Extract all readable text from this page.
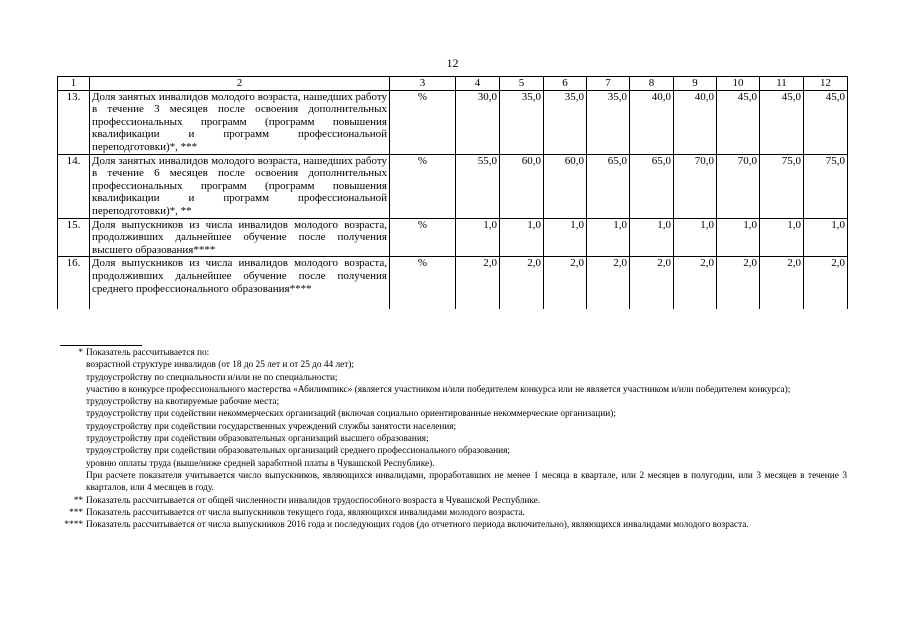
12
1	2	3	4	5	6	7	8	9	10	11	12
13.	Доля занятых инвалидов молодого возраста, нашедших работу в течение 3 месяцев после освоения дополнительных профессиональных программ (программ повышения квалификации и программ профессиональной переподготовки)*, ***	%	30,0	35,0	35,0	35,0	40,0	40,0	45,0	45,0	45,0
14.	Доля занятых инвалидов молодого возраста, нашедших работу в течение 6 месяцев после освоения дополнительных профессиональных программ (программ повышения квалификации и программ профессиональной переподготовки)*, **	%	55,0	60,0	60,0	65,0	65,0	70,0	70,0	75,0	75,0
15.	Доля выпускников из числа инвалидов молодого возраста, продолживших дальнейшее обучение после получения высшего образования****	%	1,0	1,0	1,0	1,0	1,0	1,0	1,0	1,0	1,0
16.	Доля выпускников из числа инвалидов молодого возраста, продолживших дальнейшее обучение после получения среднего профессионального образования****	%	2,0	2,0	2,0	2,0	2,0	2,0	2,0	2,0	2,0
* Показатель рассчитывается по:
возрастной структуре инвалидов (от 18 до 25 лет и от 25 до 44 лет);
трудоустройству по специальности и/или не по специальности;
участию в конкурсе профессионального мастерства «Абилимпикс» (является участником и/или победителем конкурса или не является участником и/или победителем конкурса);
трудоустройству на квотируемые рабочие места;
трудоустройству при содействии некоммерческих организаций (включая социально ориентированные некоммерческие организации);
трудоустройству при содействии государственных учреждений службы занятости населения;
трудоустройству при содействии образовательных организаций высшего образования;
трудоустройству при содействии образовательных организаций среднего профессионального образования;
уровню оплаты труда (выше/ниже средней заработной платы в Чувашской Республике).
При расчете показателя учитывается число выпускников, являющихся инвалидами, проработавших не менее 1 месяца в квартале, или 2 месяцев в полугодии, или 3 месяцев в течение 3 кварталов, или 4 месяцев в году.
** Показатель рассчитывается от общей численности инвалидов трудоспособного возраста в Чувашской Республике.
*** Показатель рассчитывается от числа выпускников текущего года, являющихся инвалидами молодого возраста.
**** Показатель рассчитывается от числа выпускников 2016 года и последующих годов (до отчетного периода включительно), являющихся инвалидами молодого возраста.
